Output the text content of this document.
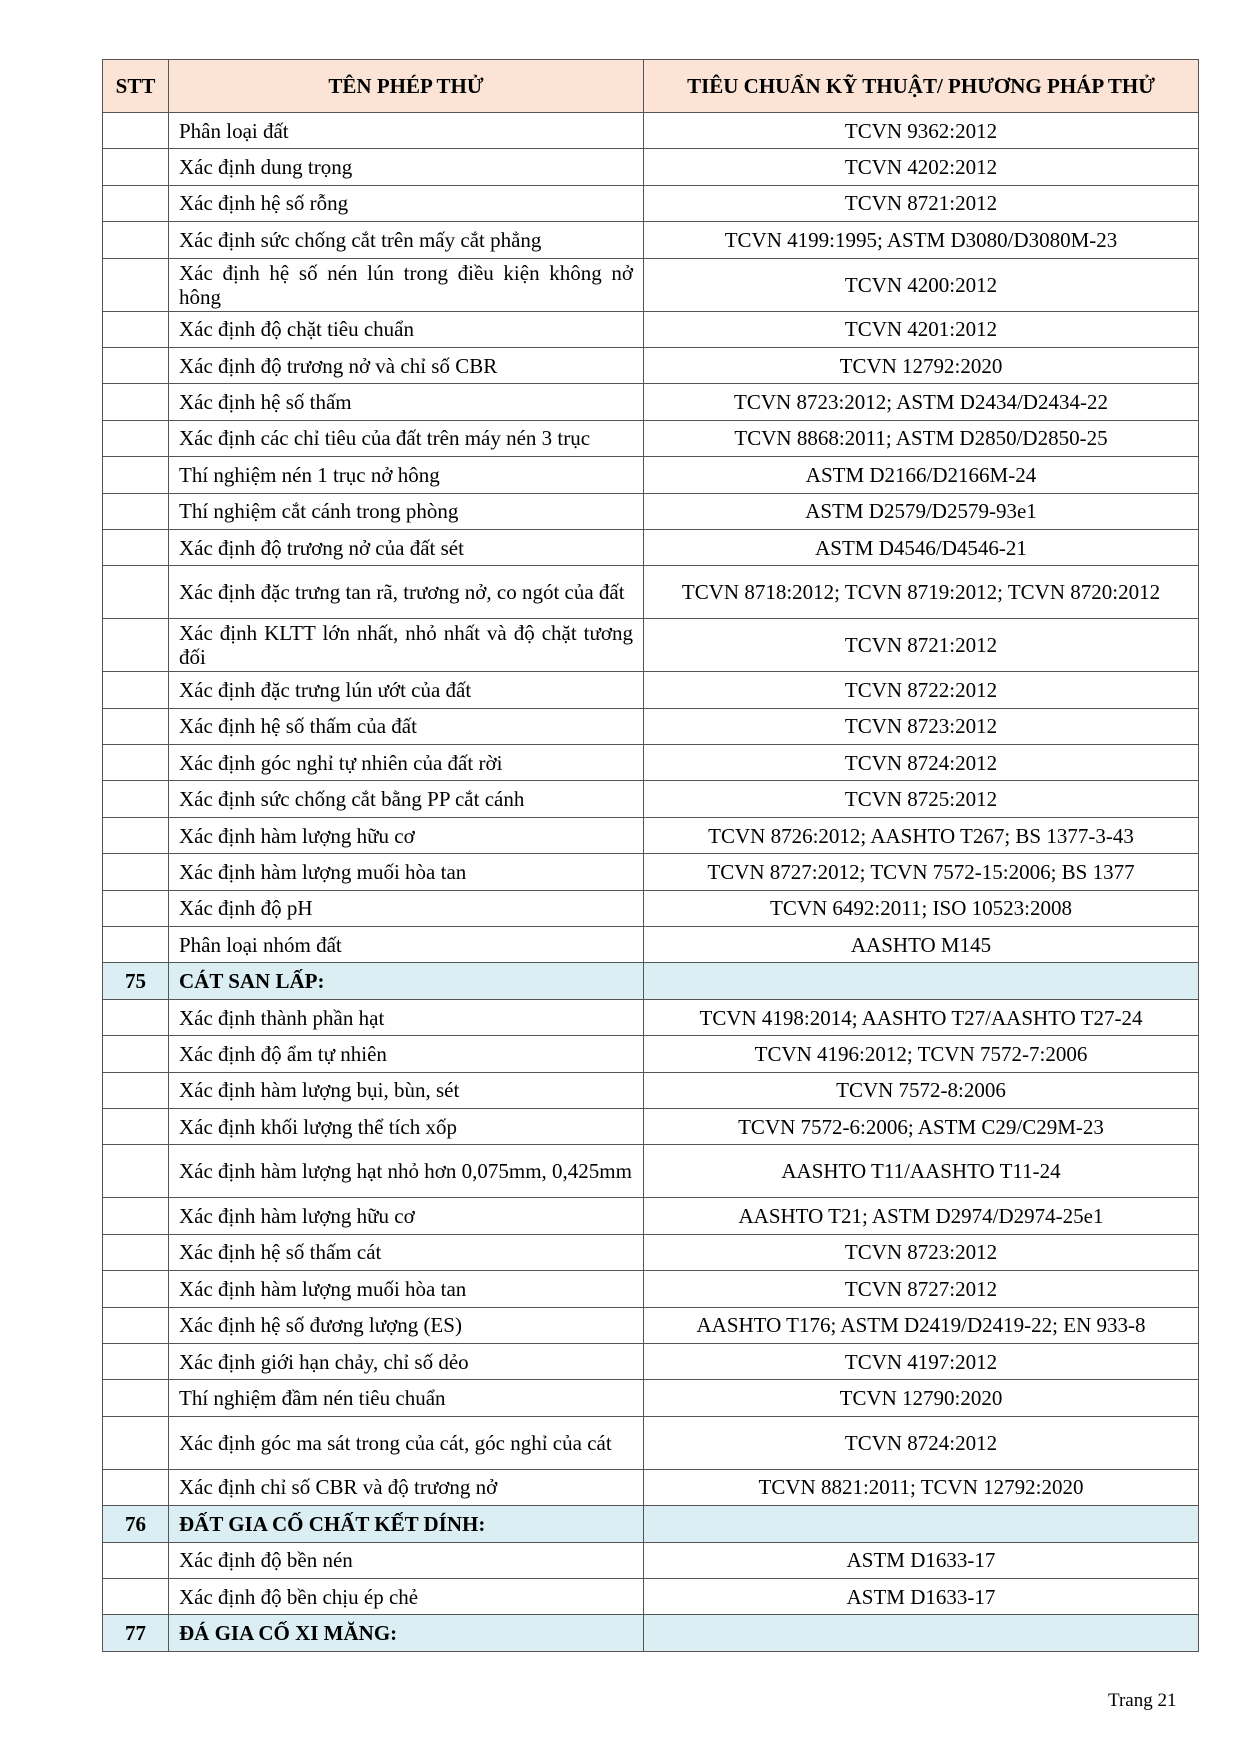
STT	TÊN PHÉP THỬ	TIÊU CHUẨN KỸ THUẬT/ PHƯƠNG PHÁP THỬ
	Phân loại đất	TCVN 9362:2012
	Xác định dung trọng	TCVN 4202:2012
	Xác định hệ số rỗng	TCVN 8721:2012
	Xác định sức chống cắt trên mấy cắt phẳng	TCVN 4199:1995; ASTM D3080/D3080M-23
	Xác định hệ số nén lún trong điều kiện không nở hông	TCVN 4200:2012
	Xác định độ chặt tiêu chuẩn	TCVN 4201:2012
	Xác định độ trương nở và chỉ số CBR	TCVN 12792:2020
	Xác định hệ số thấm	TCVN 8723:2012; ASTM D2434/D2434-22
	Xác định các chỉ tiêu của đất trên máy nén 3 trục	TCVN 8868:2011; ASTM D2850/D2850-25
	Thí nghiệm nén 1 trục nở hông	ASTM D2166/D2166M-24
	Thí nghiệm cắt cánh trong phòng	ASTM D2579/D2579-93e1
	Xác định độ trương nở của đất sét	ASTM D4546/D4546-21
	Xác định đặc trưng tan rã, trương nở, co ngót của đất	TCVN 8718:2012; TCVN 8719:2012; TCVN 8720:2012
	Xác định KLTT lớn nhất, nhỏ nhất và độ chặt tương đối	TCVN 8721:2012
	Xác định đặc trưng lún ướt của đất	TCVN 8722:2012
	Xác định hệ số thấm của đất	TCVN 8723:2012
	Xác định góc nghỉ tự nhiên của đất rời	TCVN 8724:2012
	Xác định sức chống cắt bằng PP cắt cánh	TCVN 8725:2012
	Xác định hàm lượng hữu cơ	TCVN 8726:2012; AASHTO T267; BS 1377-3-43
	Xác định hàm lượng muối hòa tan	TCVN 8727:2012; TCVN 7572-15:2006; BS 1377
	Xác định độ pH	TCVN 6492:2011; ISO 10523:2008
	Phân loại nhóm đất	AASHTO M145
75	CÁT SAN LẤP:	
	Xác định thành phần hạt	TCVN 4198:2014; AASHTO T27/AASHTO T27-24
	Xác định độ ẩm tự nhiên	TCVN 4196:2012; TCVN 7572-7:2006
	Xác định hàm lượng bụi, bùn, sét	TCVN 7572-8:2006
	Xác định khối lượng thể tích xốp	TCVN 7572-6:2006; ASTM C29/C29M-23
	Xác định hàm lượng hạt nhỏ hơn 0,075mm, 0,425mm	AASHTO T11/AASHTO T11-24
	Xác định hàm lượng hữu cơ	AASHTO T21; ASTM D2974/D2974-25e1
	Xác định hệ số thấm cát	TCVN 8723:2012
	Xác định hàm lượng muối hòa tan	TCVN 8727:2012
	Xác định hệ số đương lượng (ES)	AASHTO T176; ASTM D2419/D2419-22; EN 933-8
	Xác định giới hạn chảy, chỉ số dẻo	TCVN 4197:2012
	Thí nghiệm đầm nén tiêu chuẩn	TCVN 12790:2020
	Xác định góc ma sát trong của cát, góc nghỉ của cát	TCVN 8724:2012
	Xác định chỉ số CBR và độ trương nở	TCVN 8821:2011; TCVN 12792:2020
76	ĐẤT GIA CỐ CHẤT KẾT DÍNH:	
	Xác định độ bền nén	ASTM D1633-17
	Xác định độ bền chịu ép chẻ	ASTM D1633-17
77	ĐÁ GIA CỐ XI MĂNG:	
Trang 21
